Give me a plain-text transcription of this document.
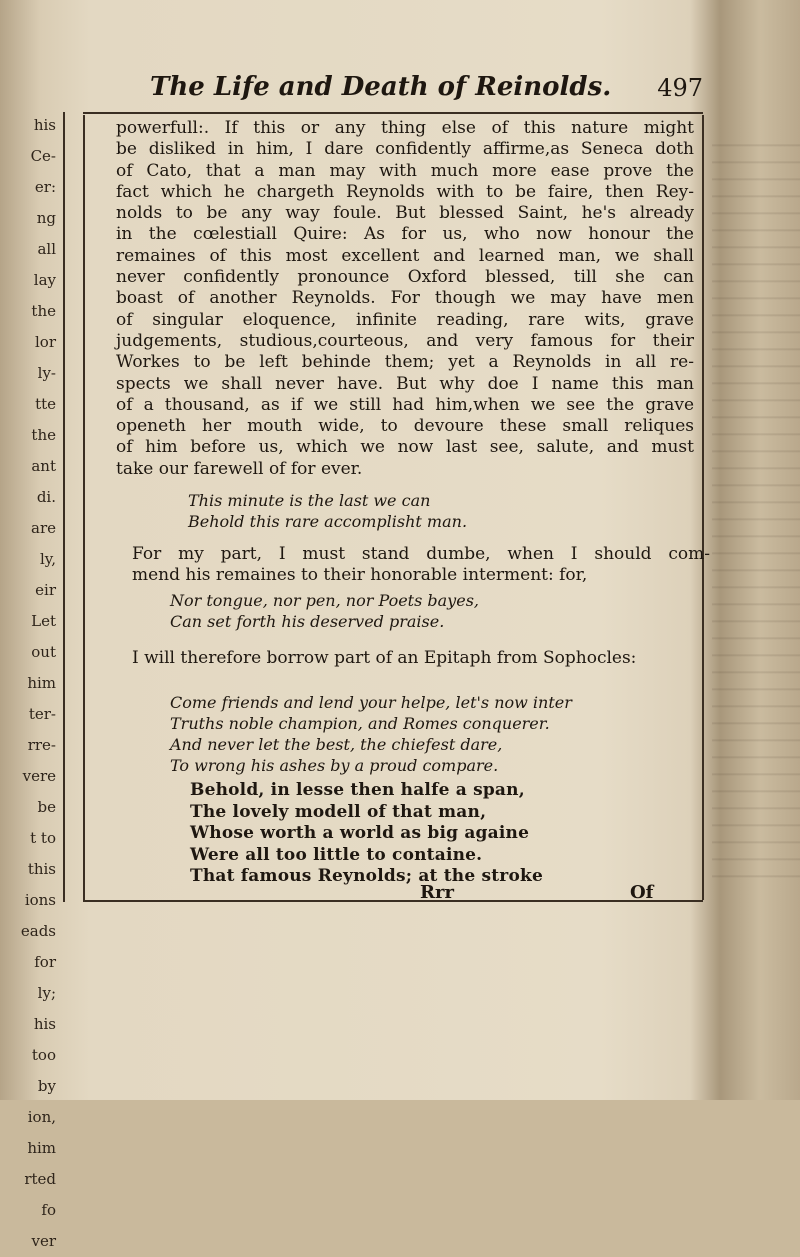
his
Ce-
er:
ng
all
lay
the
lor
ly-
tte
the
ant
di.
are
ly,
eir
Let
out
him
ter-
rre-
vere
be
t to
this
ions
eads
for
ly;
his
too
by
ion,
him
rted
fo
ver
The Life and Death of Reinolds. 497
powerfull:. If this or any thing else of this nature might
be disliked in him, I dare confidently affirme,as Seneca doth
of Cato, that a man may with much more ease prove the
fact which he chargeth Reynolds with to be faire, then Rey-
nolds to be any way foule. But blessed Saint, he's already
in the cœlestiall Quire: As for us, who now honour the
remaines of this most excellent and learned man, we shall
never confidently pronounce Oxford blessed, till she can
boast of another Reynolds. For though we may have men
of singular eloquence, infinite reading, rare wits, grave
judgements, studious,courteous, and very famous for their
Workes to be left behinde them; yet a Reynolds in all re-
spects we shall never have. But why doe I name this man
of a thousand, as if we still had him,when we see the grave
openeth her mouth wide, to devoure these small reliques
of him before us, which we now last see, salute, and must
take our farewell of for ever.
This minute is the last we can
Behold this rare accomplisht man.
For my part, I must stand dumbe, when I should com-
mend his remaines to their honorable interment: for,
Nor tongue, nor pen, nor Poets bayes,
Can set forth his deserved praise.
I will therefore borrow part of an Epitaph from Sophocles:
Come friends and lend your helpe, let's now inter
Truths noble champion, and Romes conquerer.
And never let the best, the chiefest dare,
To wrong his ashes by a proud compare.
Behold, in lesse then halfe a span,
The lovely modell of that man,
Whose worth a world as big againe
Were all too little to containe.
That famous Reynolds; at the stroke
Rrr	Of
